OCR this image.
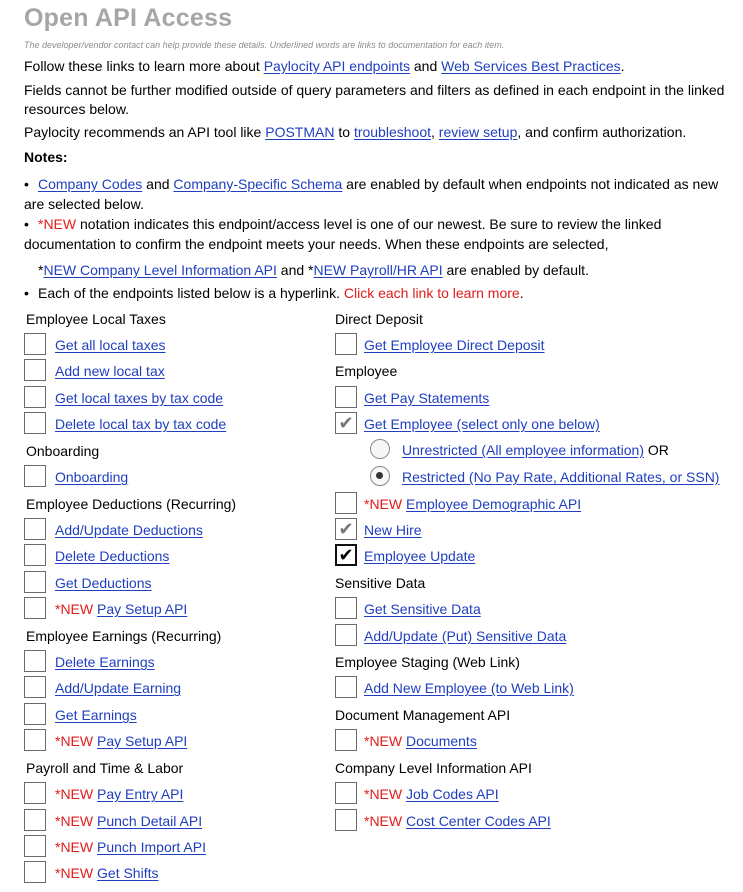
Open API Access
The developer/vendor contact can help provide these details. Underlined words are links to documentation for each item.
Follow these links to learn more about Paylocity API endpoints and Web Services Best Practices.
Fields cannot be further modified outside of query parameters and filters as defined in each endpoint in the linked resources below.
Paylocity recommends an API tool like POSTMAN to troubleshoot, review setup, and confirm authorization.
Notes:
• Company Codes and Company-Specific Schema are enabled by default when endpoints not indicated as new are selected below.
• *NEW notation indicates this endpoint/access level is one of our newest. Be sure to review the linked documentation to confirm the endpoint meets your needs. When these endpoints are selected,
*NEW Company Level Information API and *NEW Payroll/HR API are enabled by default.
• Each of the endpoints listed below is a hyperlink. Click each link to learn more.
Employee Local Taxes
Get all local taxes
Add new local tax
Get local taxes by tax code
Delete local tax by tax code
Onboarding
Onboarding
Employee Deductions (Recurring)
Add/Update Deductions
Delete Deductions
Get Deductions
*NEW Pay Setup API
Employee Earnings (Recurring)
Delete Earnings
Add/Update Earning
Get Earnings
*NEW Pay Setup API
Payroll and Time & Labor
*NEW Pay Entry API
*NEW Punch Detail API
*NEW Punch Import API
*NEW Get Shifts
Direct Deposit
Get Employee Direct Deposit
Employee
Get Pay Statements
✔ Get Employee (select only one below)
Unrestricted (All employee information) OR
Restricted (No Pay Rate, Additional Rates, or SSN)
*NEW Employee Demographic API
✔ New Hire
✔ Employee Update
Sensitive Data
Get Sensitive Data
Add/Update (Put) Sensitive Data
Employee Staging (Web Link)
Add New Employee (to Web Link)
Document Management API
*NEW Documents
Company Level Information API
*NEW Job Codes API
*NEW Cost Center Codes API
